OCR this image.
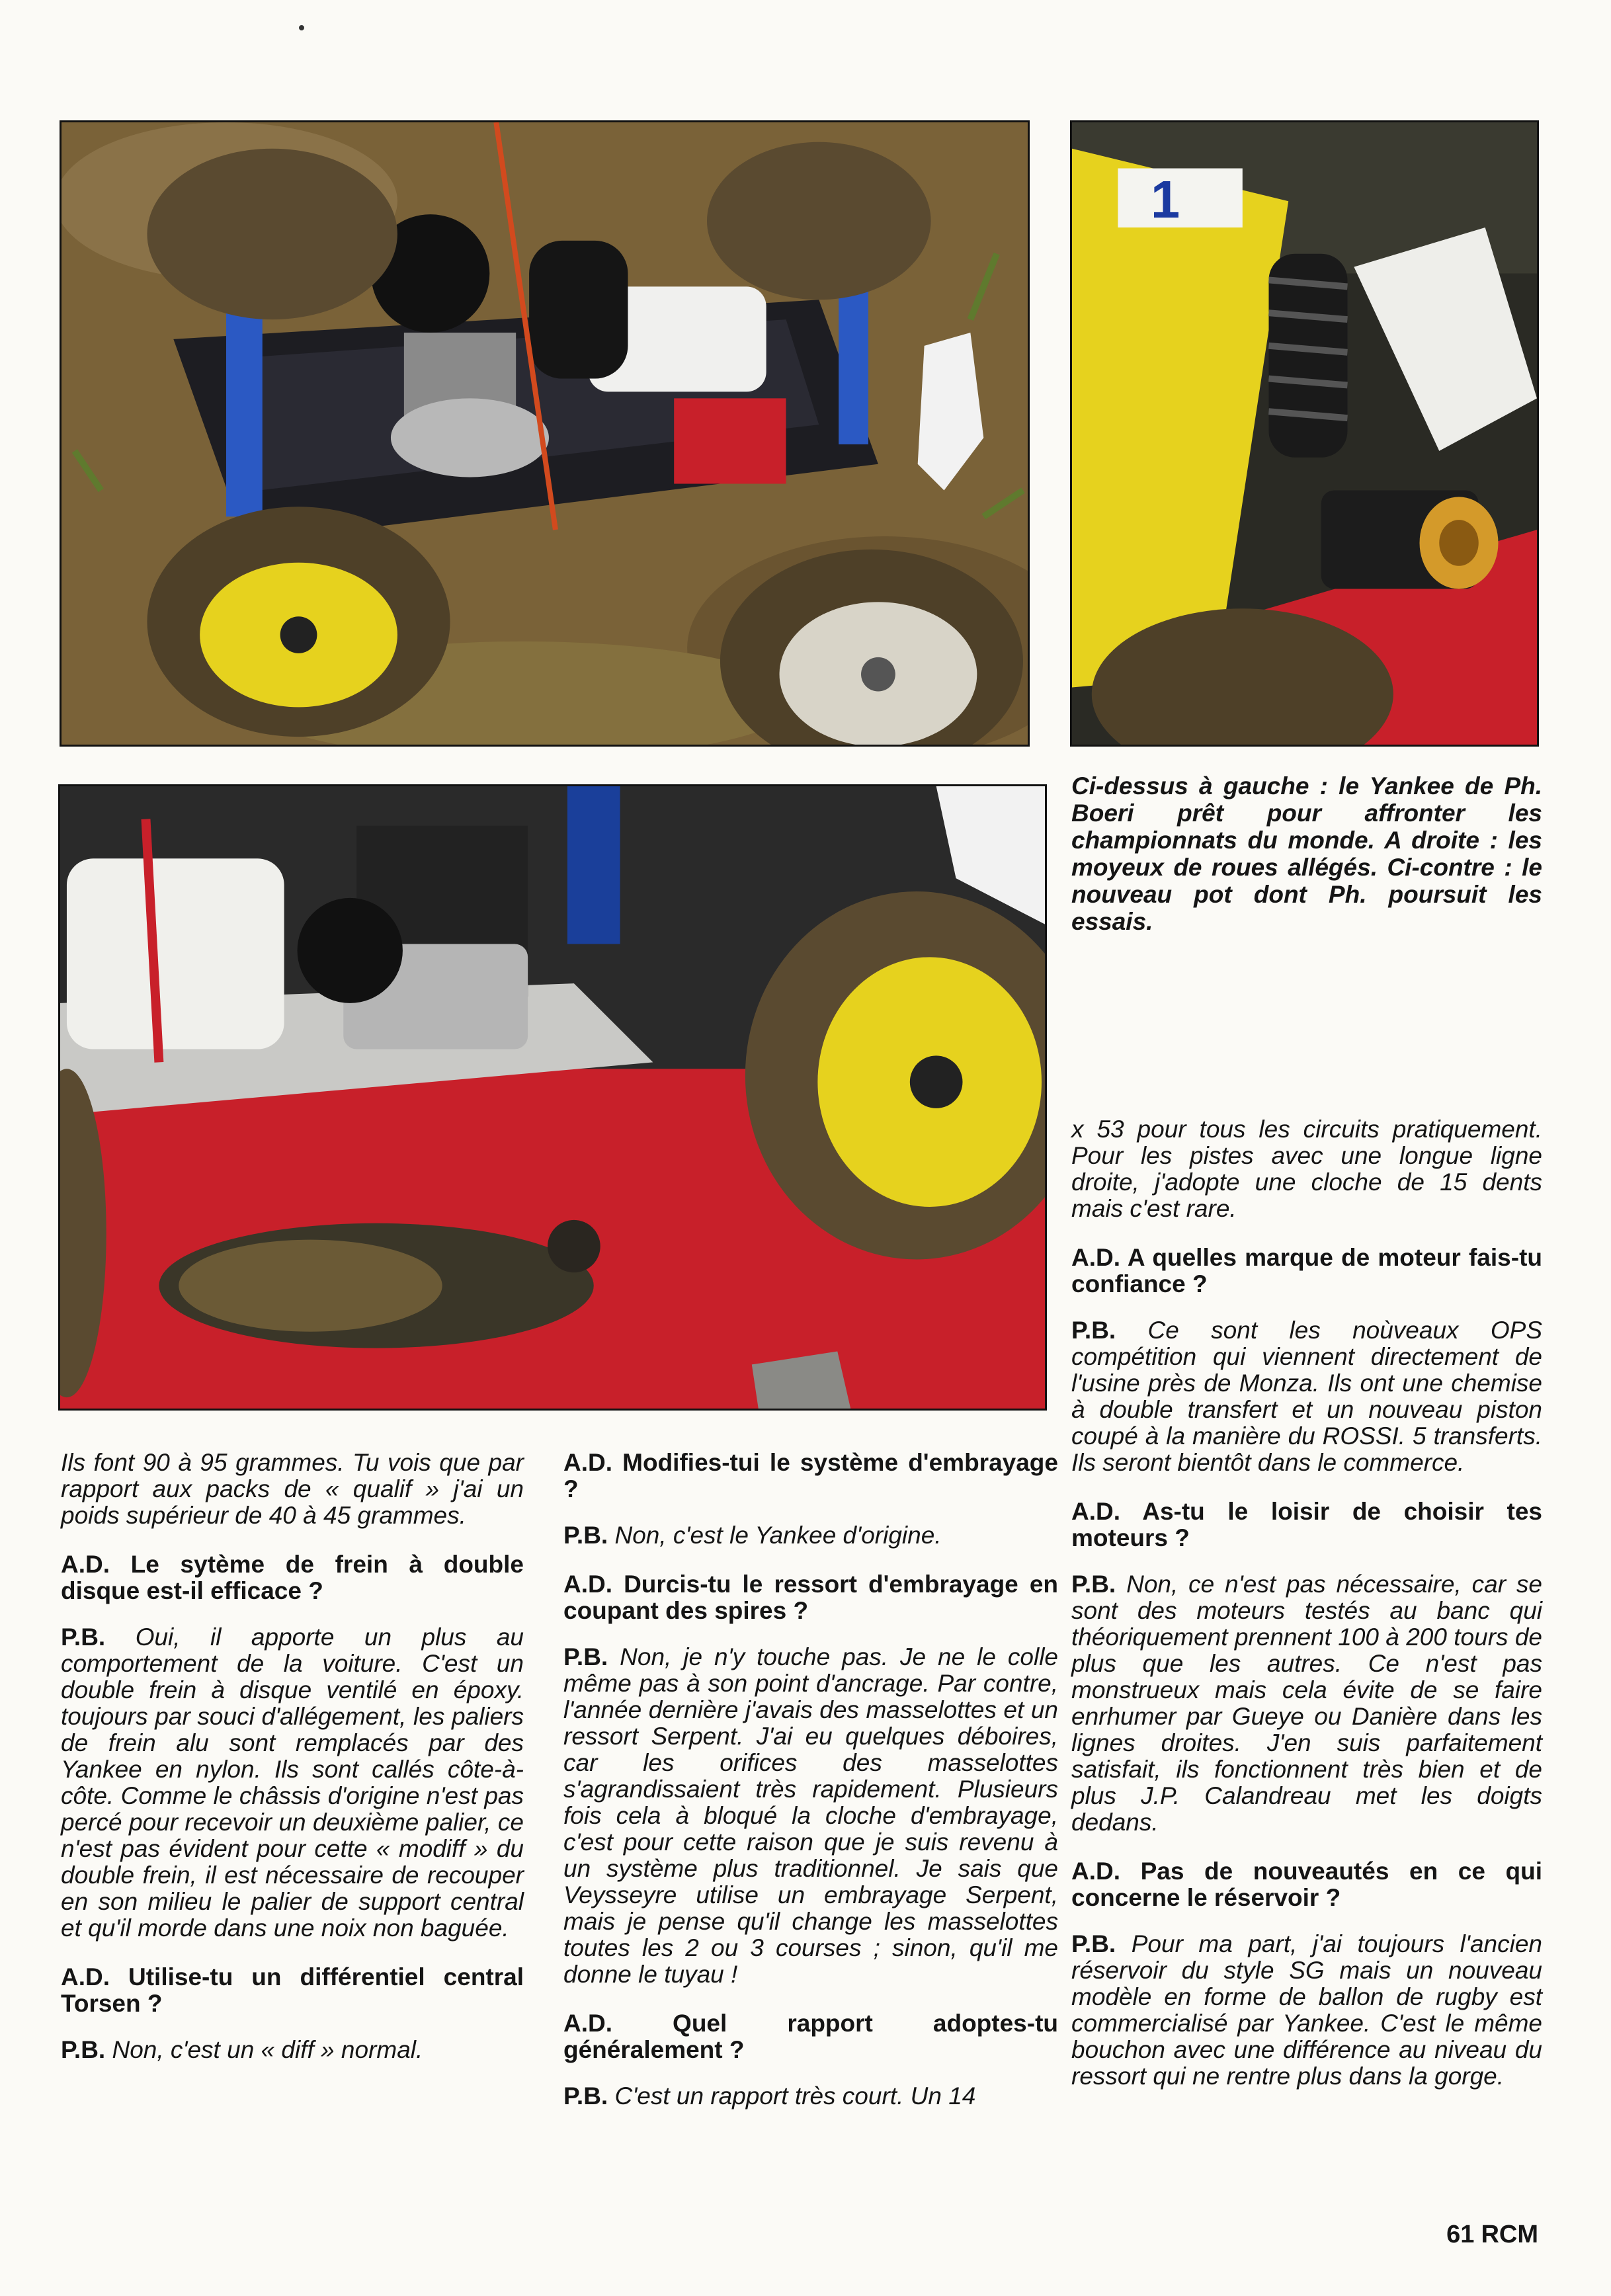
1

Ci-dessus à gauche : le Yankee de Ph. Boeri prêt pour affronter les championnats du monde. A droite : les moyeux de roues allégés. Ci-contre : le nouveau pot dont Ph. poursuit les essais.

Ils font 90 à 95 grammes. Tu vois que par rapport aux packs de « qualif » j'ai un poids supérieur de 40 à 45 grammes.

A.D. Le sytème de frein à double disque est-il efficace ?

P.B. Oui, il apporte un plus au comportement de la voiture. C'est un double frein à disque ventilé en époxy. toujours par souci d'allégement, les paliers de frein alu sont remplacés par des Yankee en nylon. Ils sont callés côte-à-côte. Comme le châssis d'origine n'est pas percé pour recevoir un deuxième palier, ce n'est pas évident pour cette « modiff » du double frein, il est nécessaire de recouper en son milieu le palier de support central et qu'il morde dans une noix non baguée.

A.D. Utilise-tu un différentiel central Torsen ?

P.B. Non, c'est un « diff » normal.

A.D. Modifies-tui le système d'embrayage ?

P.B. Non, c'est le Yankee d'origine.

A.D. Durcis-tu le ressort d'embrayage en coupant des spires ?

P.B. Non, je n'y touche pas. Je ne le colle même pas à son point d'ancrage. Par contre, l'année dernière j'avais des masselottes et un ressort Serpent. J'ai eu quelques déboires, car les orifices des masselottes s'agrandissaient très rapidement. Plusieurs fois cela à bloqué la cloche d'embrayage, c'est pour cette raison que je suis revenu à un système plus traditionnel. Je sais que Veysseyre utilise un embrayage Serpent, mais je pense qu'il change les masselottes toutes les 2 ou 3 courses ; sinon, qu'il me donne le tuyau !

A.D. Quel rapport adoptes-tu généralement ?

P.B. C'est un rapport très court. Un 14

x 53 pour tous les circuits pratiquement. Pour les pistes avec une longue ligne droite, j'adopte une cloche de 15 dents mais c'est rare.

A.D. A quelles marque de moteur fais-tu confiance ?

P.B. Ce sont les noùveaux OPS compétition qui viennent directement de l'usine près de Monza. Ils ont une chemise à double transfert et un nouveau piston coupé à la manière du ROSSI. 5 transferts. Ils seront bientôt dans le commerce.

A.D. As-tu le loisir de choisir tes moteurs ?

P.B. Non, ce n'est pas nécessaire, car se sont des moteurs testés au banc qui théoriquement prennent 100 à 200 tours de plus que les autres. Ce n'est pas monstrueux mais cela évite de se faire enrhumer par Gueye ou Danière dans les lignes droites. J'en suis parfaitement satisfait, ils fonctionnent très bien et de plus J.P. Calandreau met les doigts dedans.

A.D. Pas de nouveautés en ce qui concerne le réservoir ?

P.B. Pour ma part, j'ai toujours l'ancien réservoir du style SG mais un nouveau modèle en forme de ballon de rugby est commercialisé par Yankee. C'est le même bouchon avec une différence au niveau du ressort qui ne rentre plus dans la gorge.

61 RCM
